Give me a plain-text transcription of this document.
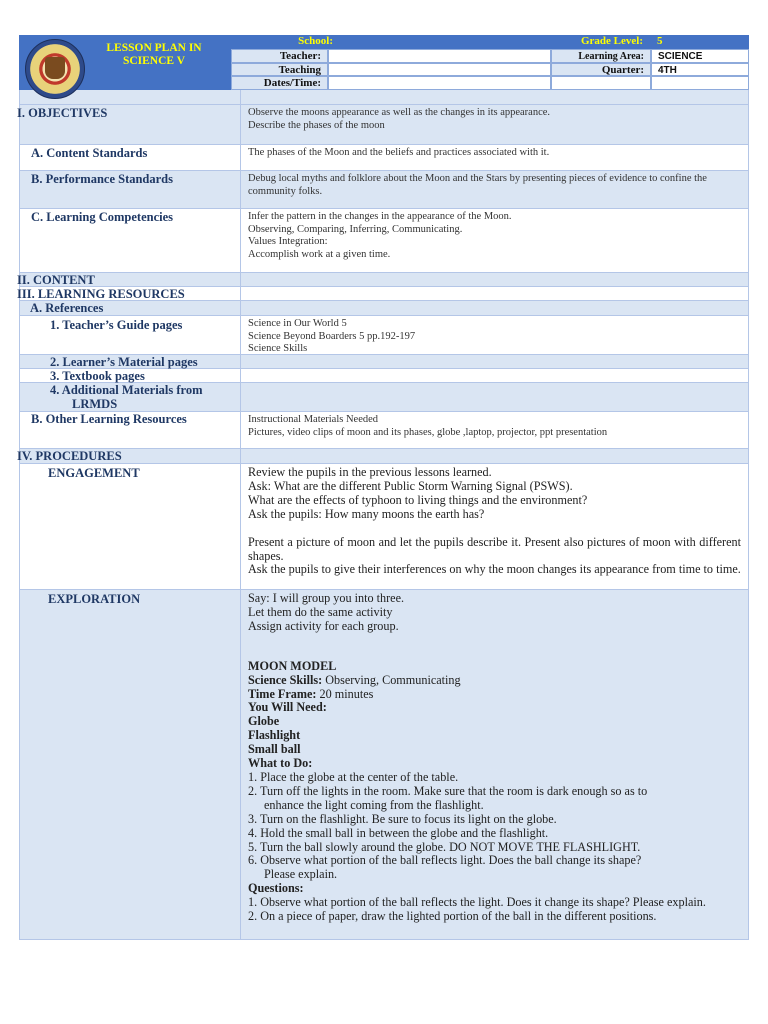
LESSON PLAN IN SCIENCE V
School:	Grade Level:	5
Teacher:	Learning Area:	SCIENCE
Teaching	Quarter:	4TH
Dates/Time:
I. OBJECTIVES	Observe the moons appearance as well as the changes in its appearance.
Describe the phases of the moon
A. Content Standards	The phases of the Moon and the beliefs and practices associated with it.
B. Performance Standards	Debug local myths and folklore about the Moon and the Stars by presenting pieces of evidence to confine the community folks.
C. Learning Competencies	Infer the pattern in the changes in the appearance of the Moon.
Observing, Comparing, Inferring, Communicating.
Values Integration:
Accomplish work at a given time.
II. CONTENT
III. LEARNING RESOURCES
A. References
1. Teacher’s Guide pages	Science in Our World 5
Science Beyond Boarders 5 pp.192-197
Science Skills
2. Learner’s Material pages
3. Textbook pages
4. Additional Materials from
LRMDS
B. Other Learning Resources	Instructional Materials Needed
Pictures, video clips of moon and its phases, globe ,laptop, projector, ppt presentation
IV. PROCEDURES
ENGAGEMENT	Review the pupils in the previous lessons learned.
Ask: What are the different Public Storm Warning Signal (PSWS).
What are the effects of typhoon to living things and the environment?
Ask the pupils: How many moons the earth has?
Present a picture of moon and let the pupils describe it. Present also pictures of moon with different shapes.
Ask the pupils to give their interferences on why the moon changes its appearance from time to time.
EXPLORATION	Say: I will group you into three.
Let them do the same activity
Assign activity for each group.
MOON MODEL
Science Skills: Observing, Communicating
Time Frame: 20 minutes
You Will Need:
Globe
Flashlight
Small ball
What to Do:
1. Place the globe at the center of the table.
2. Turn off the lights in the room. Make sure that the room is dark enough so as to
enhance the light coming from the flashlight.
3. Turn on the flashlight. Be sure to focus its light on the globe.
4. Hold the small ball in between the globe and the flashlight.
5. Turn the ball slowly around the globe. DO NOT MOVE THE FLASHLIGHT.
6. Observe what portion of the ball reflects light. Does the ball change its shape?
Please explain.
Questions:
1. Observe what portion of the ball reflects the light. Does it change its shape? Please explain.
2. On a piece of paper, draw the lighted portion of the ball in the different positions.
